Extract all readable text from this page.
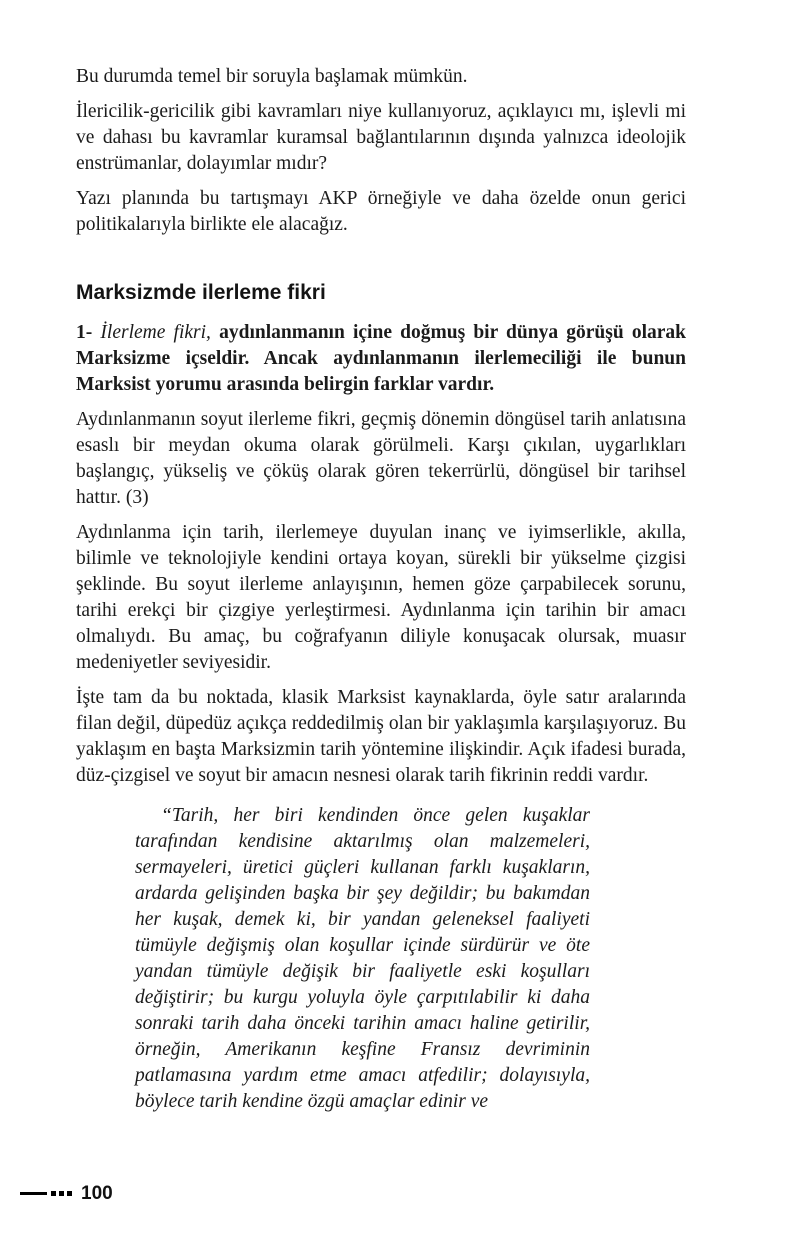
Bu durumda temel bir soruyla başlamak mümkün.

İlericilik-gericilik gibi kavramları niye kullanıyoruz, açıklayıcı mı, işlevli mi ve dahası bu kavramlar kuramsal bağlantılarının dışında yalnızca ideolojik enstrümanlar, dolayımlar mıdır?

Yazı planında bu tartışmayı AKP örneğiyle ve daha özelde onun gerici politikalarıyla birlikte ele alacağız.

Marksizmde ilerleme fikri

1- İlerleme fikri, aydınlanmanın içine doğmuş bir dünya görüşü olarak Marksizme içseldir. Ancak aydınlanmanın ilerlemeciliği ile bunun Marksist yorumu arasında belirgin farklar vardır.

Aydınlanmanın soyut ilerleme fikri, geçmiş dönemin döngüsel tarih anlatısına esaslı bir meydan okuma olarak görülmeli. Karşı çıkılan, uygarlıkları başlangıç, yükseliş ve çöküş olarak gören tekerrürlü, döngüsel bir tarihsel hattır. (3)

Aydınlanma için tarih, ilerlemeye duyulan inanç ve iyimserlikle, akılla, bilimle ve teknolojiyle kendini ortaya koyan, sürekli bir yükselme çizgisi şeklinde. Bu soyut ilerleme anlayışının, hemen göze çarpabilecek sorunu, tarihi erekçi bir çizgiye yerleştirmesi. Aydınlanma için tarihin bir amacı olmalıydı. Bu amaç, bu coğrafyanın diliyle konuşacak olursak, muasır medeniyetler seviyesidir.

İşte tam da bu noktada, klasik Marksist kaynaklarda, öyle satır aralarında filan değil, düpedüz açıkça reddedilmiş olan bir yaklaşımla karşılaşıyoruz. Bu yaklaşım en başta Marksizmin tarih yöntemine ilişkindir. Açık ifadesi burada, düz-çizgisel ve soyut bir amacın nesnesi olarak tarih fikrinin reddi vardır.

“Tarih, her biri kendinden önce gelen kuşaklar tarafından kendisine aktarılmış olan malzemeleri, sermayeleri, üretici güçleri kullanan farklı kuşakların, ardarda gelişinden başka bir şey değildir; bu bakımdan her kuşak, demek ki, bir yandan geleneksel faaliyeti tümüyle değişmiş olan koşullar içinde sürdürür ve öte yandan tümüyle değişik bir faaliyetle eski koşulları değiştirir; bu kurgu yoluyla öyle çarpıtılabilir ki daha sonraki tarih daha önceki tarihin amacı haline getirilir, örneğin, Amerikanın keşfine Fransız devriminin patlamasına yardım etme amacı atfedilir; dolayısıyla, böylece tarih kendine özgü amaçlar edinir ve
100
